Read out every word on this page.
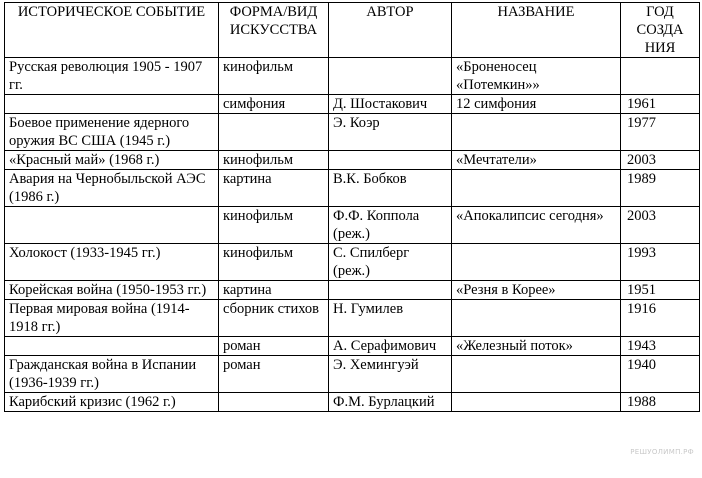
ИСТОРИЧЕСКОЕ СОБЫТИЕ	ФОРМА/ВИД ИСКУССТВА	АВТОР	НАЗВАНИЕ	ГОД СОЗДА НИЯ
Русская революция 1905 - 1907 гг.	кинофильм		«Броненосец «Потемкин»»	
	симфония	Д. Шостакович	12 симфония	1961
Боевое применение ядерного оружия ВС США (1945 г.)		Э. Коэр		1977
«Красный май» (1968 г.)	кинофильм		«Мечтатели»	2003
Авария на Чернобыльской АЭС (1986 г.)	картина	В.К. Бобков		1989
	кинофильм	Ф.Ф. Коппола (реж.)	«Апокалипсис сегодня»	2003
Холокост (1933-1945 гг.)	кинофильм	С. Спилберг (реж.)		1993
Корейская война (1950-1953 гг.)	картина		«Резня в Корее»	1951
Первая мировая война (1914-1918 гг.)	сборник стихов	Н. Гумилев		1916
	роман	А. Серафимович	«Железный поток»	1943
Гражданская война в Испании (1936-1939 гг.)	роман	Э. Хемингуэй		1940
Карибский кризис (1962 г.)		Ф.М. Бурлацкий		1988
РЕШУОЛИМП.РФ
